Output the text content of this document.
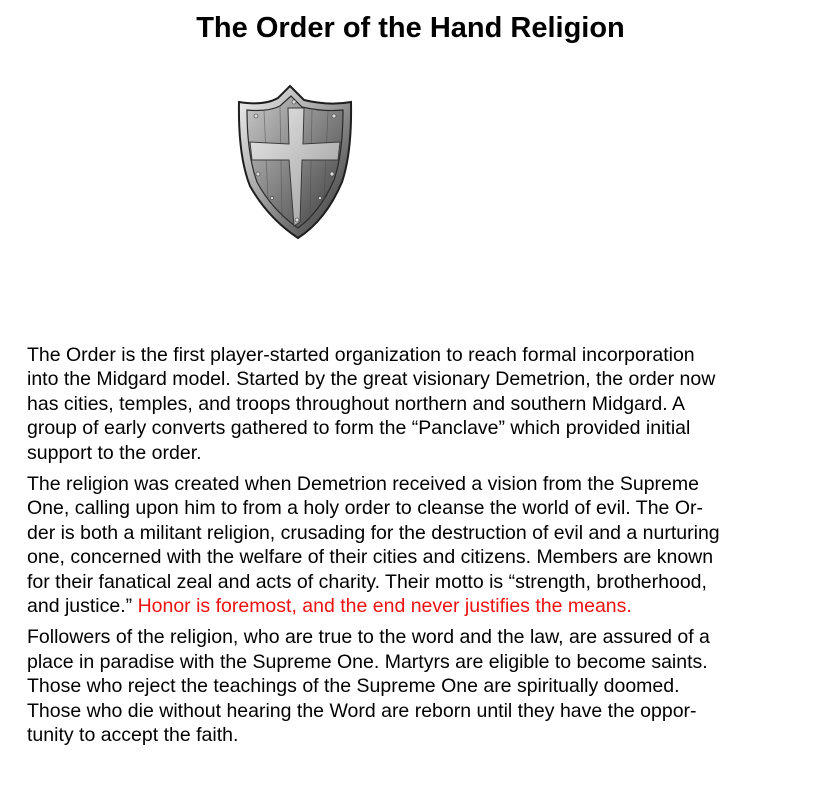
The Order of the Hand Religion

The Order is the first player-started organization to reach formal incorporation
into the Midgard model. Started by the great visionary Demetrion, the order now
has cities, temples, and troops throughout northern and southern Midgard. A
group of early converts gathered to form the “Panclave” which provided initial
support to the order.

The religion was created when Demetrion received a vision from the Supreme
One, calling upon him to from a holy order to cleanse the world of evil. The Or-
der is both a militant religion, crusading for the destruction of evil and a nurturing
one, concerned with the welfare of their cities and citizens. Members are known
for their fanatical zeal and acts of charity. Their motto is “strength, brotherhood,
and justice.” Honor is foremost, and the end never justifies the means.

Followers of the religion, who are true to the word and the law, are assured of a
place in paradise with the Supreme One. Martyrs are eligible to become saints.
Those who reject the teachings of the Supreme One are spiritually doomed.
Those who die without hearing the Word are reborn until they have the oppor-
tunity to accept the faith.
